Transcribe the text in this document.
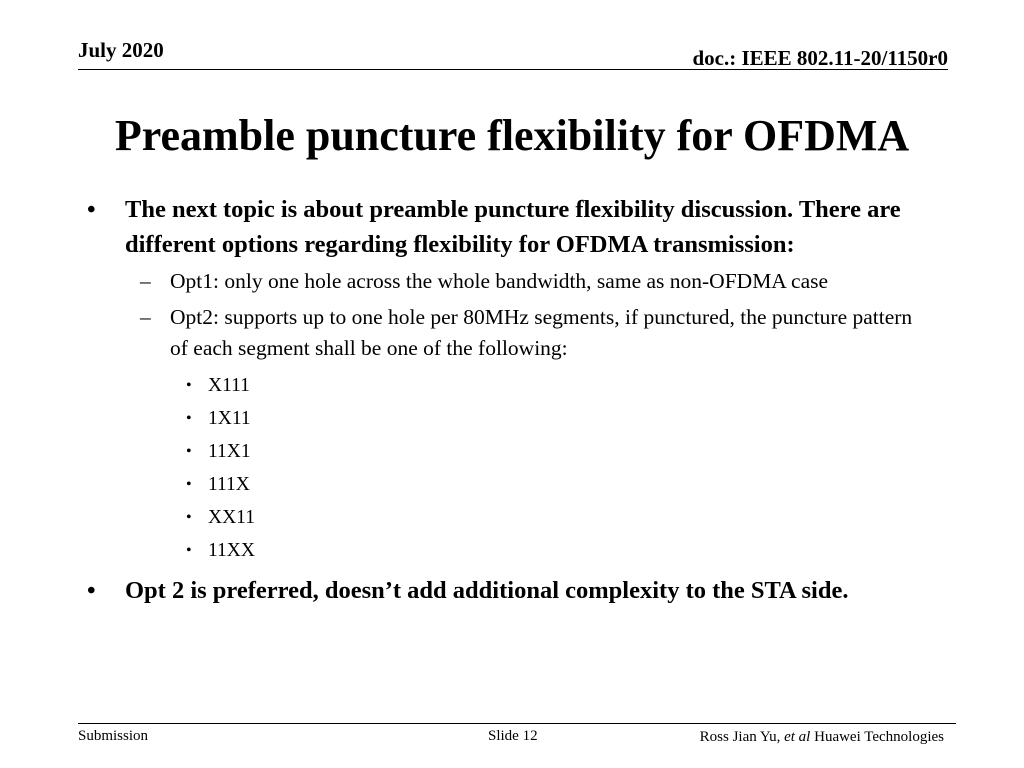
July 2020	doc.: IEEE 802.11-20/1150r0
Preamble puncture flexibility for OFDMA
• The next topic is about preamble puncture flexibility discussion. There are different options regarding flexibility for OFDMA transmission:
– Opt1: only one hole across the whole bandwidth, same as non-OFDMA case
– Opt2: supports up to one hole per 80MHz segments, if punctured, the puncture pattern of each segment shall be one of the following:
• X111
• 1X11
• 11X1
• 111X
• XX11
• 11XX
• Opt 2 is preferred, doesn’t add additional complexity to the STA side.
Submission	Slide 12	Ross Jian Yu, et al Huawei Technologies
